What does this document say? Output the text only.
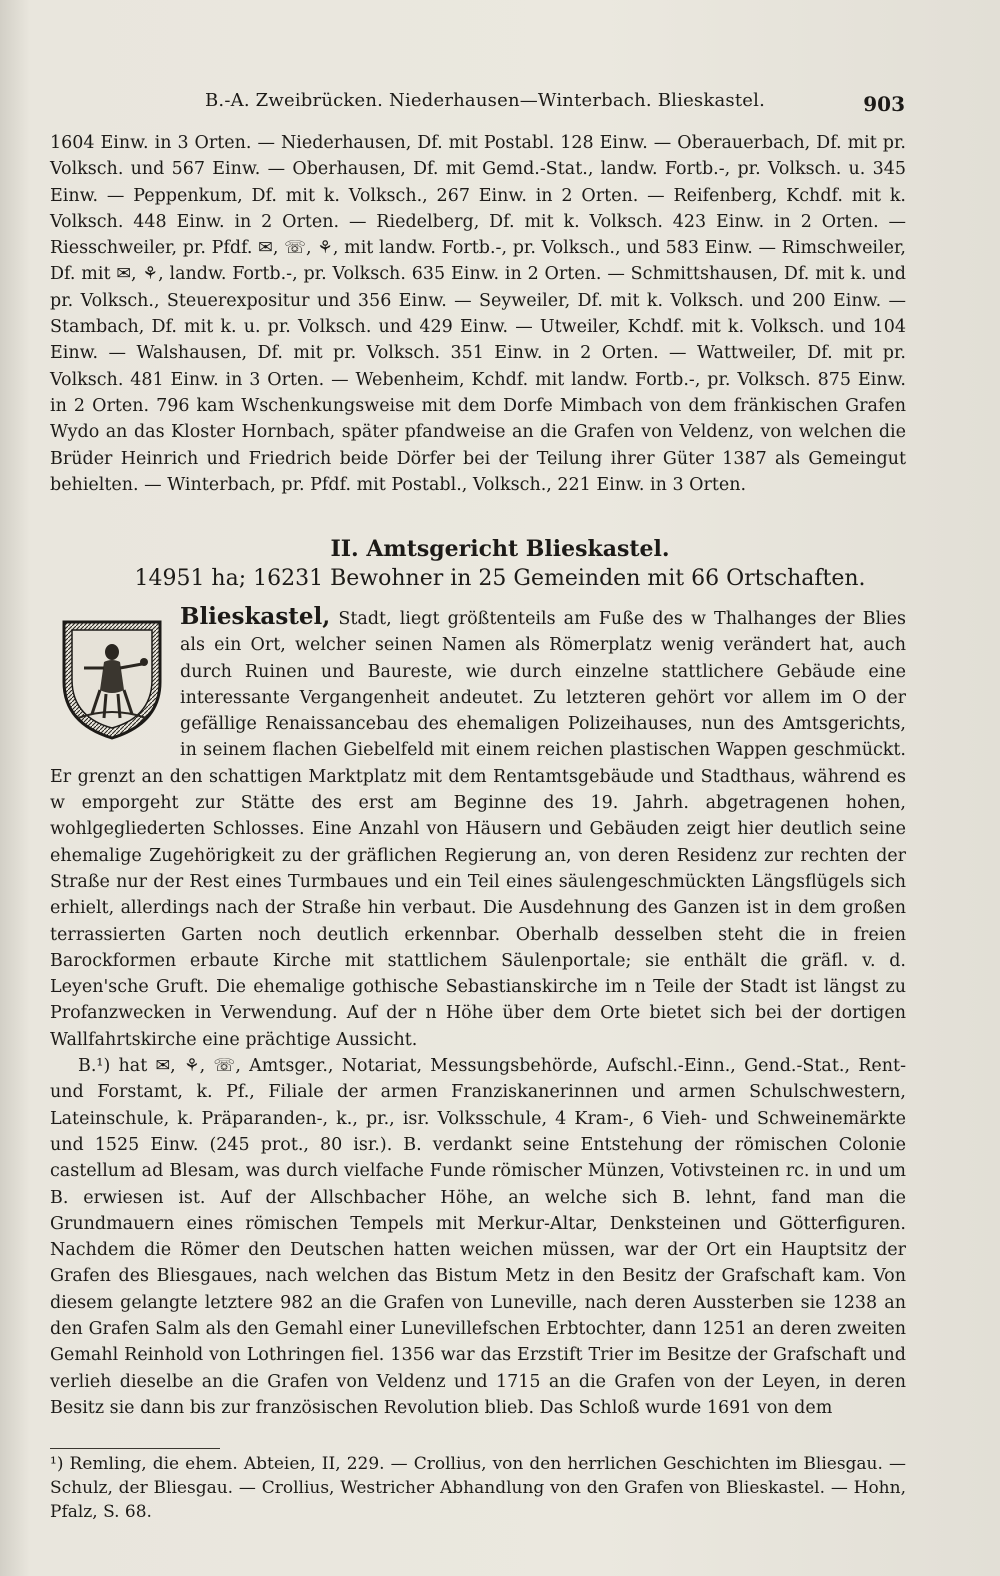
B.-A. Zweibrücken. Niederhausen—Winterbach. Blieskastel.	903

1604 Einw. in 3 Orten. — Niederhausen, Df. mit Postabl. 128 Einw. — Oberauerbach, Df. mit pr. Volksch. und 567 Einw. — Oberhausen, Df. mit Gemd.-Stat., landw. Fortb.-, pr. Volksch. u. 345 Einw. — Peppenkum, Df. mit k. Volksch., 267 Einw. in 2 Orten. — Reifenberg, Kchdf. mit k. Volksch. 448 Einw. in 2 Orten. — Riedelberg, Df. mit k. Volksch. 423 Einw. in 2 Orten. — Riesschweiler, pr. Pfdf. ✉, ☏, ⚘, mit landw. Fortb.-, pr. Volksch., und 583 Einw. — Rimschweiler, Df. mit ✉, ⚘, landw. Fortb.-, pr. Volksch. 635 Einw. in 2 Orten. — Schmittshausen, Df. mit k. und pr. Volksch., Steuerexpositur und 356 Einw. — Seyweiler, Df. mit k. Volksch. und 200 Einw. — Stambach, Df. mit k. u. pr. Volksch. und 429 Einw. — Utweiler, Kchdf. mit k. Volksch. und 104 Einw. — Walshausen, Df. mit pr. Volksch. 351 Einw. in 2 Orten. — Wattweiler, Df. mit pr. Volksch. 481 Einw. in 3 Orten. — Webenheim, Kchdf. mit landw. Fortb.-, pr. Volksch. 875 Einw. in 2 Orten. 796 kam Wschenkungsweise mit dem Dorfe Mimbach von dem fränkischen Grafen Wydo an das Kloster Hornbach, später pfandweise an die Grafen von Veldenz, von welchen die Brüder Heinrich und Friedrich beide Dörfer bei der Teilung ihrer Güter 1387 als Gemeingut behielten. — Winterbach, pr. Pfdf. mit Postabl., Volksch., 221 Einw. in 3 Orten.

II. Amtsgericht Blieskastel.
14951 ha; 16231 Bewohner in 25 Gemeinden mit 66 Ortschaften.
Blieskastel, Stadt, liegt größtenteils am Fuße des w Thalhanges der Blies als ein Ort, welcher seinen Namen als Römerplatz wenig verändert hat, auch durch Ruinen und Baureste, wie durch einzelne stattlichere Gebäude eine interessante Vergangenheit andeutet. Zu letzteren gehört vor allem im O der gefällige Renaissancebau des ehemaligen Polizeihauses, nun des Amtsgerichts, in seinem flachen Giebelfeld mit einem reichen plastischen Wappen geschmückt. Er grenzt an den schattigen Marktplatz mit dem Rentamtsgebäude und Stadthaus, während es w emporgeht zur Stätte des erst am Beginne des 19. Jahrh. abgetragenen hohen, wohlgegliederten Schlosses. Eine Anzahl von Häusern und Gebäuden zeigt hier deutlich seine ehemalige Zugehörigkeit zu der gräflichen Regierung an, von deren Residenz zur rechten der Straße nur der Rest eines Turmbaues und ein Teil eines säulengeschmückten Längsflügels sich erhielt, allerdings nach der Straße hin verbaut. Die Ausdehnung des Ganzen ist in dem großen terrassierten Garten noch deutlich erkennbar. Oberhalb desselben steht die in freien Barockformen erbaute Kirche mit stattlichem Säulenportale; sie enthält die gräfl. v. d. Leyen'sche Gruft. Die ehemalige gothische Sebastianskirche im n Teile der Stadt ist längst zu Profanzwecken in Verwendung. Auf der n Höhe über dem Orte bietet sich bei der dortigen Wallfahrtskirche eine prächtige Aussicht.
B.¹) hat ✉, ⚘, ☏, Amtsger., Notariat, Messungsbehörde, Aufschl.-Einn., Gend.-Stat., Rent- und Forstamt, k. Pf., Filiale der armen Franziskanerinnen und armen Schulschwestern, Lateinschule, k. Präparanden-, k., pr., isr. Volksschule, 4 Kram-, 6 Vieh- und Schweinemärkte und 1525 Einw. (245 prot., 80 isr.). B. verdankt seine Entstehung der römischen Colonie castellum ad Blesam, was durch vielfache Funde römischer Münzen, Votivsteinen rc. in und um B. erwiesen ist. Auf der Allschbacher Höhe, an welche sich B. lehnt, fand man die Grundmauern eines römischen Tempels mit Merkur-Altar, Denksteinen und Götterfiguren. Nachdem die Römer den Deutschen hatten weichen müssen, war der Ort ein Hauptsitz der Grafen des Bliesgaues, nach welchen das Bistum Metz in den Besitz der Grafschaft kam. Von diesem gelangte letztere 982 an die Grafen von Luneville, nach deren Aussterben sie 1238 an den Grafen Salm als den Gemahl einer Lunevillefschen Erbtochter, dann 1251 an deren zweiten Gemahl Reinhold von Lothringen fiel. 1356 war das Erzstift Trier im Besitze der Grafschaft und verlieh dieselbe an die Grafen von Veldenz und 1715 an die Grafen von der Leyen, in deren Besitz sie dann bis zur französischen Revolution blieb. Das Schloß wurde 1691 von dem

¹) Remling, die ehem. Abteien, II, 229. — Crollius, von den herrlichen Geschichten im Bliesgau. — Schulz, der Bliesgau. — Crollius, Westricher Abhandlung von den Grafen von Blieskastel. — Hohn, Pfalz, S. 68.
